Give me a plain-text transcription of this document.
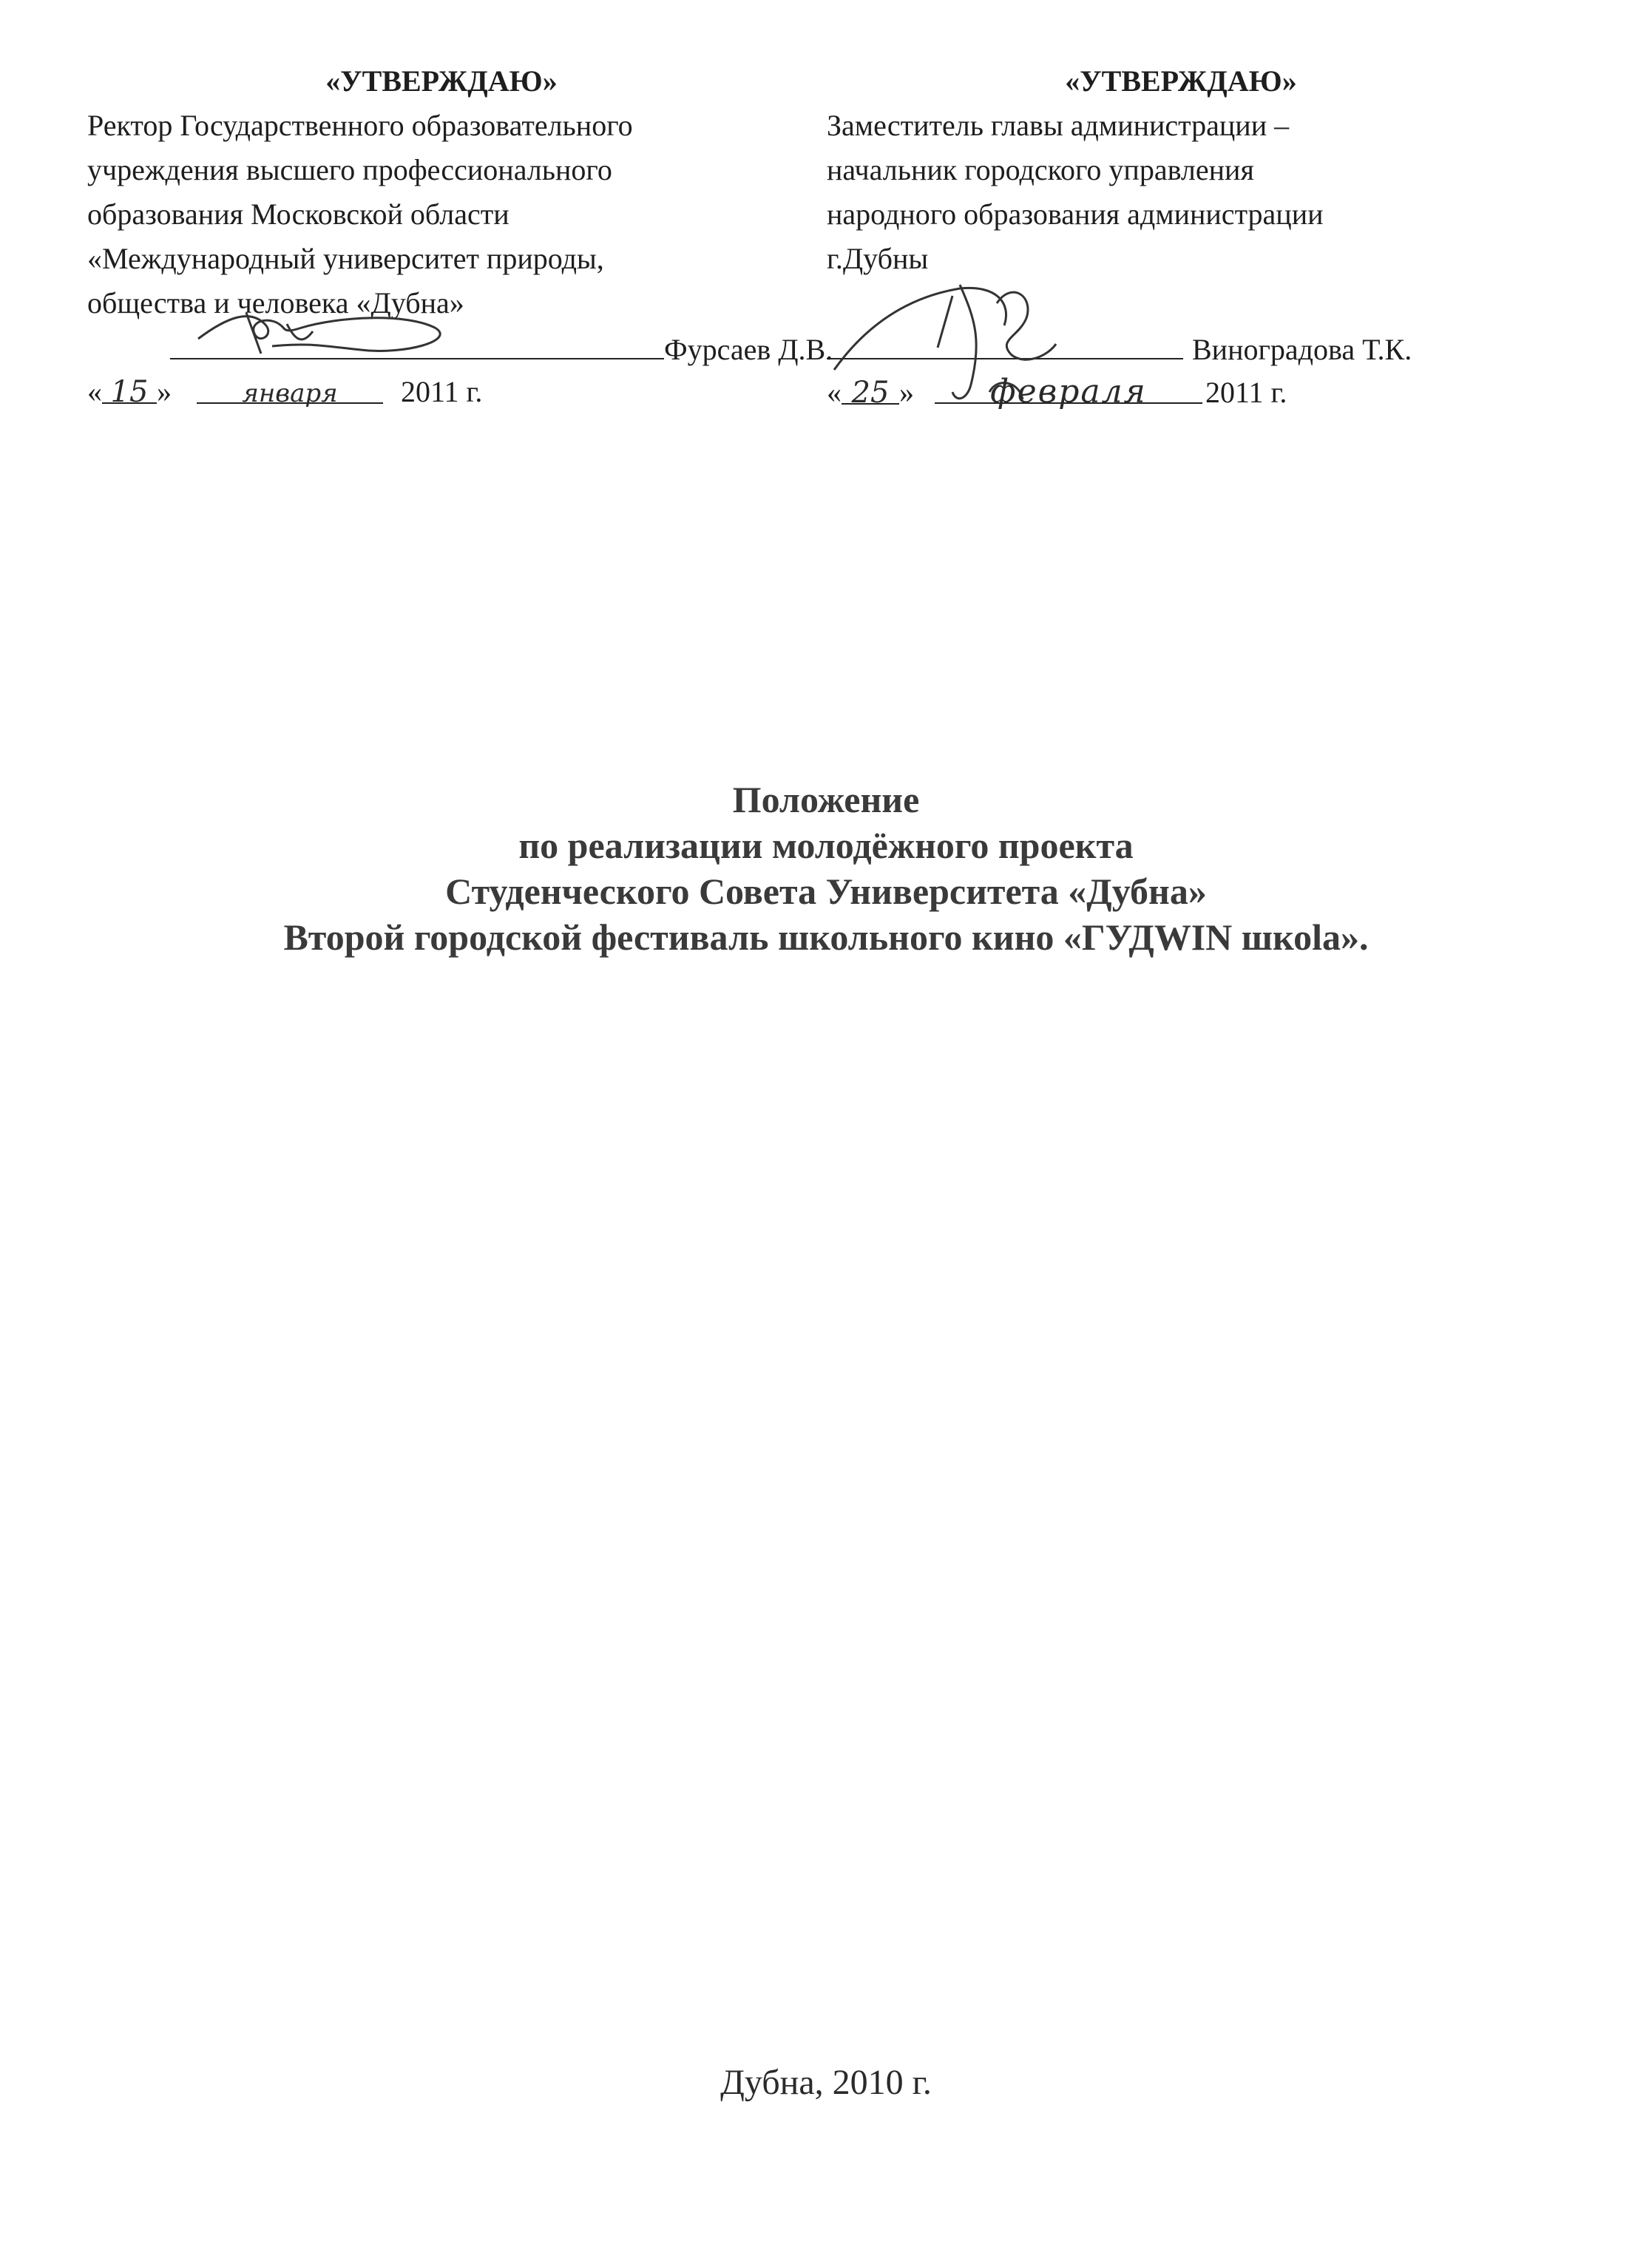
«УТВЕРЖДАЮ»
Ректор Государственного образовательного
учреждения высшего профессионального
образования Московской области
«Международный университет природы,
общества и человека «Дубна»
Фурсаев Д.В.
« 15 »	января 2011 г.
«УТВЕРЖДАЮ»
Заместитель главы администрации –
начальник городского управления
народного образования администрации
г.Дубны
Виноградова Т.К.
« 25 » февраля 2011 г.
Положение
по реализации молодёжного проекта
Студенческого Совета Университета «Дубна»
Второй городской фестиваль школьного кино «ГУДWIN шкоla».
Дубна, 2010 г.
